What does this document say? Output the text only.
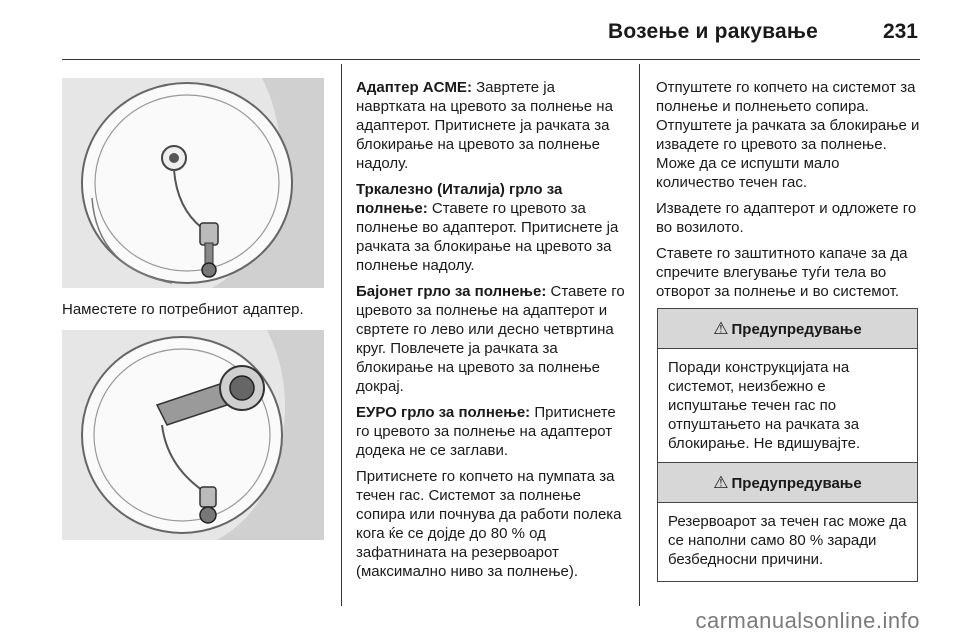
Возење и ракување	231
Наместете го потребниот адаптер.

Адаптер ACME: Завртете ја навртката на цревото за полнење на адаптерот. Притиснете ја рачката за блокирање на цревото за полнење надолу.

Тркалезно (Италија) грло за полнење: Ставете го цревото за полнење во адаптерот. Притиснете ја рачката за блокирање на цревото за полнење надолу.

Бајонет грло за полнење: Ставете го цревото за полнење на адаптерот и свртете го лево или десно четвртина круг. Повлечете ја рачката за блокирање на цревото за полнење докрај.

ЕУРО грло за полнење: Притиснете го цревото за полнење на адаптерот додека не се заглави.

Притиснете го копчето на пумпата за течен гас. Системот за полнење сопира или почнува да работи полека кога ќе се дојде до 80 % од зафатнината на резервоарот (максимално ниво за полнење).

Отпуштете го копчето на системот за полнење и полнењето сопира. Отпуштете ја рачката за блокирање и извадете го цревото за полнење. Може да се испушти мало количество течен гас.

Извадете го адаптерот и одложете го во возилото.

Ставете го заштитното капаче за да спречите влегување туѓи тела во отворот за полнење и во системот.

⚠ Предупредување
Поради конструкцијата на системот, неизбежно е испуштање течен гас по отпуштањето на рачката за блокирање. Не вдишувајте.
⚠ Предупредување
Резервоарот за течен гас може да се наполни само 80 % заради безбедносни причини.
carmanualsonline.info
